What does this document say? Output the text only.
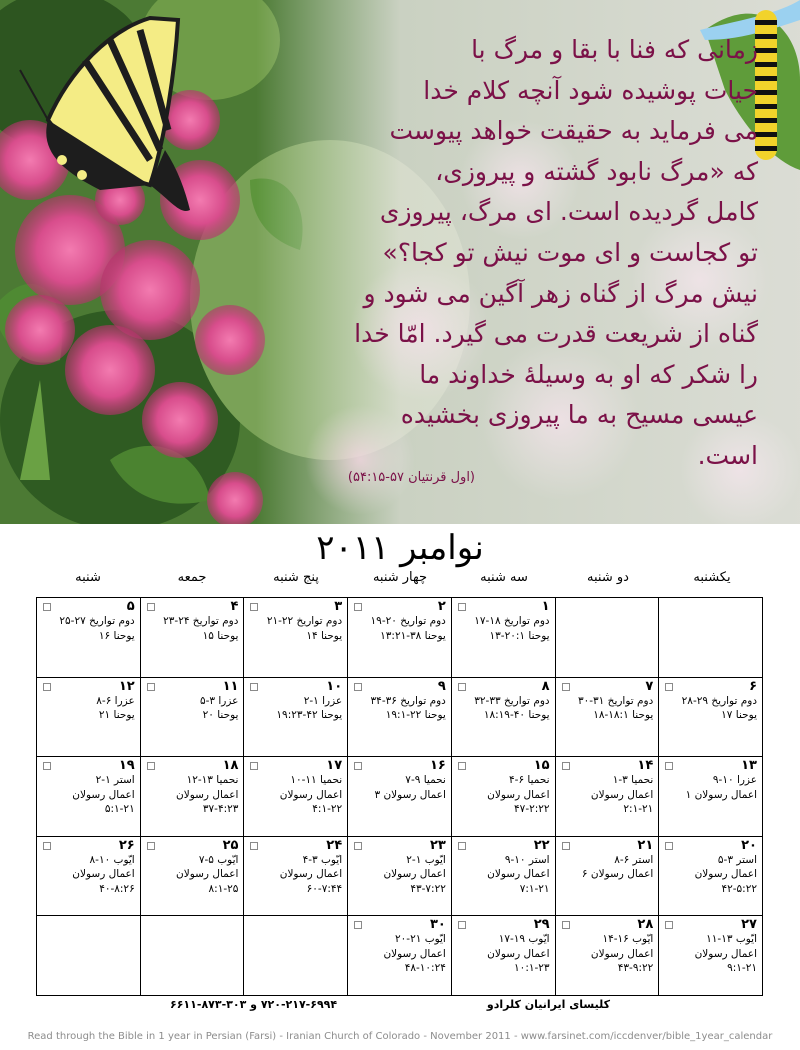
زمانی که فنا با بقا و مرگ با
حیات پوشیده شود آنچه کلام خدا
می فرماید به حقیقت خواهد پیوست
که «مرگ نابود گشته و پیروزی،
کامل گردیده است. ای مرگ، پیروزی
تو کجاست و ای موت نیش تو کجا؟»
نیش مرگ از گناه زهر آگین می شود و
گناه از شریعت قدرت می گیرد. امّا خدا
را شکر که او به وسیلهٔ خداوند ما
عیسی مسیح به ما پیروزی بخشیده
است.
(اول قرنتیان ۵۷-۵۴:۱۵)
نوامبر ۲۰۱۱
یکشنبه
دو شنبه
سه شنبه
چهار شنبه
پنج شنبه
جمعه
شنبه
۱
دوم تواریخ ۱۸-۱۷
یوحنا ۲۰:۱-۱۳
۲
دوم تواریخ ۲۰-۱۹
یوحنا ۳۸-۱۳:۲۱
۳
دوم تواریخ ۲۲-۲۱
یوحنا ۱۴
۴
دوم تواریخ ۲۴-۲۳
یوحنا ۱۵
۵
دوم تواریخ ۲۷-۲۵
یوحنا ۱۶
۶
دوم تواریخ ۲۹-۲۸
یوحنا ۱۷
۷
دوم تواریخ ۳۱-۳۰
یوحنا ۱۸:۱-۱۸
۸
دوم تواریخ ۳۳-۳۲
یوحنا ۴۰-۱۸:۱۹
۹
دوم تواریخ ۳۶-۳۴
یوحنا ۲۲-۱۹:۱
۱۰
عزرا ۱-۲
یوحنا ۴۲-۱۹:۲۳
۱۱
عزرا ۳-۵
یوحنا ۲۰
۱۲
عزرا ۶-۸
یوحنا ۲۱
۱۳
عزرا ۱۰-۹
اعمال رسولان ۱
۱۴
نحمیا ۳-۱
اعمال رسولان
۲:۱-۲۱
۱۵
نحمیا ۶-۴
اعمال رسولان
۴۷-۲:۲۲
۱۶
نحمیا ۹-۷
اعمال رسولان ۳
۱۷
نحمیا ۱۱-۱۰
اعمال رسولان
۴:۱-۲۲
۱۸
نحمیا ۱۳-۱۲
اعمال رسولان
۳۷-۴:۲۳
۱۹
استر ۱-۲
اعمال رسولان
۵:۱-۲۱
۲۰
استر ۳-۵
اعمال رسولان
۴۲-۵:۲۲
۲۱
استر ۶-۸
اعمال رسولان ۶
۲۲
استر ۱۰-۹
اعمال رسولان
۷:۱-۲۱
۲۳
ایّوب ۱-۲
اعمال رسولان
۴۳-۷:۲۲
۲۴
ایّوب ۳-۴
اعمال رسولان
۶۰-۷:۴۴
۲۵
ایّوب ۵-۷
اعمال رسولان
۸:۱-۲۵
۲۶
ایّوب ۱۰-۸
اعمال رسولان
۴۰-۸:۲۶
۲۷
ایّوب ۱۳-۱۱
اعمال رسولان
۹:۱-۲۱
۲۸
ایّوب ۱۶-۱۴
اعمال رسولان
۴۳-۹:۲۲
۲۹
ایّوب ۱۹-۱۷
اعمال رسولان
۱۰:۱-۲۳
۳۰
ایّوب ۲۱-۲۰
اعمال رسولان
۴۸-۱۰:۲۴
کلیسای ایرانیان کلرادو
۷۲۰-۲۱۷-۶۹۹۴ و ۳۰۳-۸۷۳-۶۶۱۱
Read through the Bible in 1 year in Persian (Farsi) - Iranian Church of Colorado - November 2011 - www.farsinet.com/iccdenver/bible_1year_calendar
